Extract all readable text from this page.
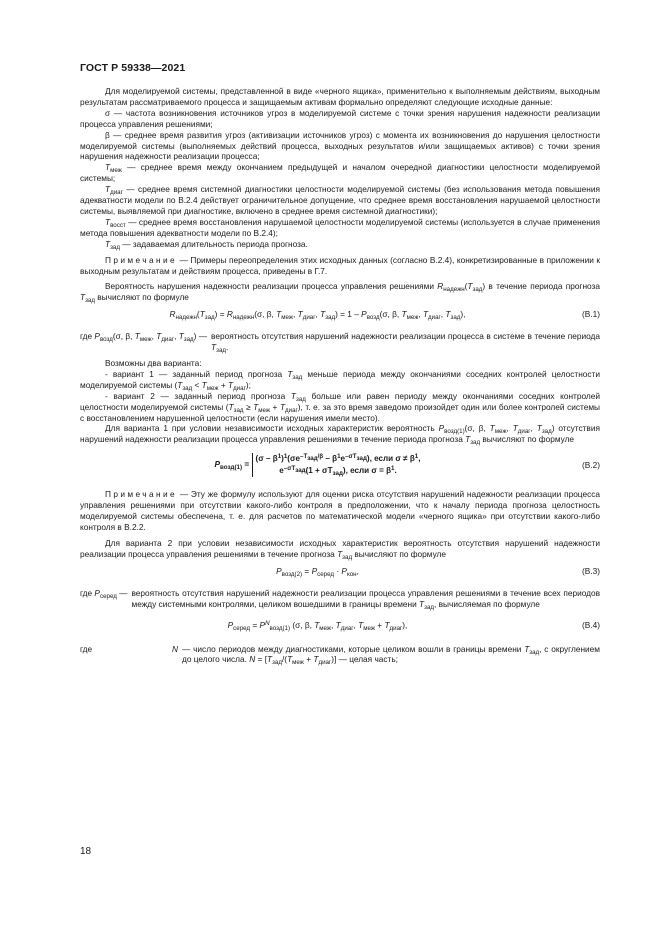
ГОСТ Р 59338—2021

Для моделируемой системы, представленной в виде «черного ящика», применительно к выполняемым действиям, выходным результатам рассматриваемого процесса и защищаемым активам формально определяют следующие исходные данные:

σ — частота возникновения источников угроз в моделируемой системе с точки зрения нарушения надежности реализации процесса управления решениями;

β — среднее время развития угроз (активизации источников угроз) с момента их возникновения до нарушения целостности моделируемой системы (выполняемых действий процесса, выходных результатов и/или защищаемых активов) с точки зрения нарушения надежности реализации процесса;

$T_{меж}$ — среднее время между окончанием предыдущей и началом очередной диагностики целостности моделируемой системы;

$T_{диаг}$ — среднее время системной диагностики целостности моделируемой системы (без использования метода повышения адекватности модели по В.2.4 действует ограничительное допущение, что среднее время восстановления нарушаемой целостности системы, выявляемой при диагностике, включено в среднее время системной диагностики);

$T_{восст}$ — среднее время восстановления нарушаемой целостности моделируемой системы (используется в случае применения метода повышения адекватности модели по В.2.4);

$T_{зад}$ — задаваемая длительность периода прогноза.

Примечание — Примеры переопределения этих исходных данных (согласно В.2.4), конкретизированные в приложении к выходным результатам и действиям процесса, приведены в Г.7.

Вероятность нарушения надежности реализации процесса управления решениями $R_{надежн}(T_{зад})$ в течение периода прогноза $T_{зад}$ вычисляют по формуле

$R_{надежн}(T_{зад}) = R_{надежн}(\sigma$, β, $T_{меж}$, $T_{диаг}$, $T_{зад}) = 1 - P_{возд}(\sigma$, β, $T_{меж}$, $T_{диаг}$, $T_{зад}$),	(В.1)
где $P_{возд}(\sigma$, β, $T_{меж}$, $T_{диаг}$, $T_{зад}$) — вероятность отсутствия нарушений надежности реализации процесса в системе в течение периода $T_{зад}$.

Возможны два варианта:

- вариант 1 — заданный период прогноза $T_{зад}$ меньше периода между окончаниями соседних контролей целостности моделируемой системы $(T_{зад} < T_{меж} + T_{диаг})$;

- вариант 2 — заданный период прогноза $T_{зад}$ больше или равен периоду между окончаниями соседних контролей целостности моделируемой системы $(T_{зад} \ge T_{меж} + T_{диаг})$, т. е. за это время заведомо произойдет один или более контролей системы с восстановлением нарушенной целостности (если нарушения имели место).

Для варианта 1 при условии независимости исходных характеристик вероятность $P_{возд(1)}(\sigma$, β, $T_{меж}$, $T_{диаг}$, $T_{зад}$) отсутствия нарушений надежности реализации процесса управления решениями в течение периода прогноза $T_{зад}$ вычисляют по формуле

$P_{возд(1)} = (\sigma - \beta^1)^1(\sigma e^{-T_{зад}/\beta} - \beta^1e^{-\sigma T_{зад}})$, если $\sigma \ne \beta^1$,
$e^{-\sigma T_{зад}}(1 + \sigma T_{зад})$, если $\sigma = \beta^1$.
(В.2)

Примечание — Эту же формулу используют для оценки риска отсутствия нарушений надежности реализации процесса управления решениями при отсутствии какого-либо контроля в предположении, что к началу периода прогноза целостность моделируемой системы обеспечена, т. е. для расчетов по математической модели «черного ящика» при отсутствии какого-либо контроля в В.2.2.

Для варианта 2 при условии независимости исходных характеристик вероятность отсутствия нарушений надежности реализации процесса управления решениями в течение прогноза $T_{зад}$ вычисляют по формуле

$P_{возд(2)} = P_{серед} \cdot P_{кон}$,	(В.3)
где $P_{серед}$ — вероятность отсутствия нарушений надежности реализации процесса управления решениями в течение всех периодов между системными контролями, целиком вошедшими в границы времени $T_{зад}$, вычисляемая по формуле
$P_{серед} = P^N_{возд(1)}$ (σ, β, $T_{меж}$, $T_{диаг}$, $T_{меж} + T_{диаг}$),	(В.4)
где	N — число периодов между диагностиками, которые целиком вошли в границы времени $T_{зад}$, с округлением до целого числа. $N = [T_{зад}/(T_{меж} + T_{диаг})]$ — целая часть;
18
